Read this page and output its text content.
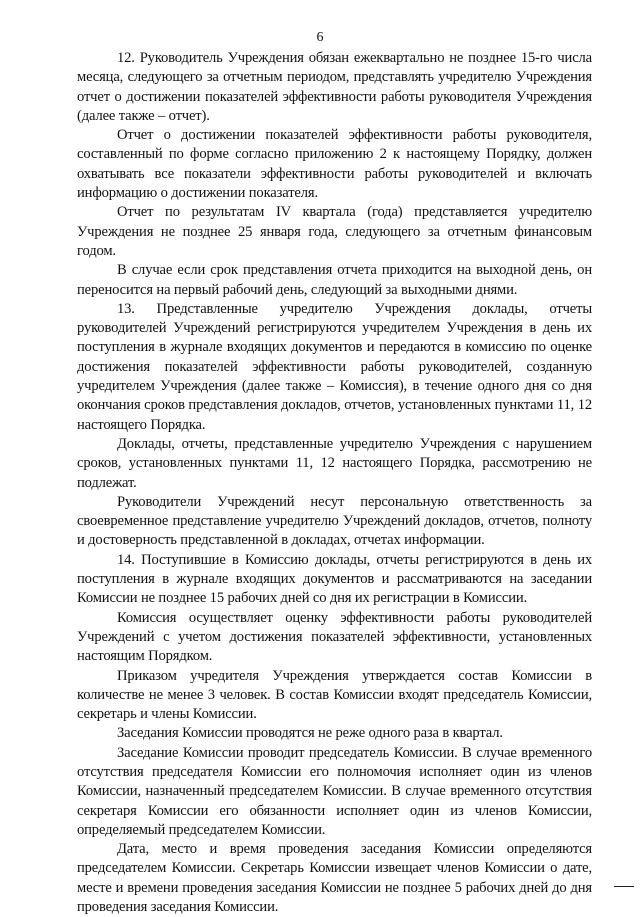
6

12. Руководитель Учреждения обязан ежеквартально не позднее 15-го числа месяца, следующего за отчетным периодом, представлять учредителю Учреждения отчет о достижении показателей эффективности работы руководителя Учреждения (далее также – отчет).

Отчет о достижении показателей эффективности работы руководителя, составленный по форме согласно приложению 2 к настоящему Порядку, должен охватывать все показатели эффективности работы руководителей и включать информацию о достижении показателя.

Отчет по результатам IV квартала (года) представляется учредителю Учреждения не позднее 25 января года, следующего за отчетным финансовым годом.

В случае если срок представления отчета приходится на выходной день, он переносится на первый рабочий день, следующий за выходными днями.

13. Представленные учредителю Учреждения доклады, отчеты руководителей Учреждений регистрируются учредителем Учреждения в день их поступления в журнале входящих документов и передаются в комиссию по оценке достижения показателей эффективности работы руководителей, созданную учредителем Учреждения (далее также – Комиссия), в течение одного дня со дня окончания сроков представления докладов, отчетов, установленных пунктами 11, 12 настоящего Порядка.

Доклады, отчеты, представленные учредителю Учреждения с нарушением сроков, установленных пунктами 11, 12 настоящего Порядка, рассмотрению не подлежат.

Руководители Учреждений несут персональную ответственность за своевременное представление учредителю Учреждений докладов, отчетов, полноту и достоверность представленной в докладах, отчетах информации.

14. Поступившие в Комиссию доклады, отчеты регистрируются в день их поступления в журнале входящих документов и рассматриваются на заседании Комиссии не позднее 15 рабочих дней со дня их регистрации в Комиссии.

Комиссия осуществляет оценку эффективности работы руководителей Учреждений с учетом достижения показателей эффективности, установленных настоящим Порядком.

Приказом учредителя Учреждения утверждается состав Комиссии в количестве не менее 3 человек. В состав Комиссии входят председатель Комиссии, секретарь и члены Комиссии.

Заседания Комиссии проводятся не реже одного раза в квартал.

Заседание Комиссии проводит председатель Комиссии. В случае временного отсутствия председателя Комиссии его полномочия исполняет один из членов Комиссии, назначенный председателем Комиссии. В случае временного отсутствия секретаря Комиссии его обязанности исполняет один из членов Комиссии, определяемый председателем Комиссии.

Дата, место и время проведения заседания Комиссии определяются председателем Комиссии. Секретарь Комиссии извещает членов Комиссии о дате, месте и времени проведения заседания Комиссии не позднее 5 рабочих дней до дня проведения заседания Комиссии.
